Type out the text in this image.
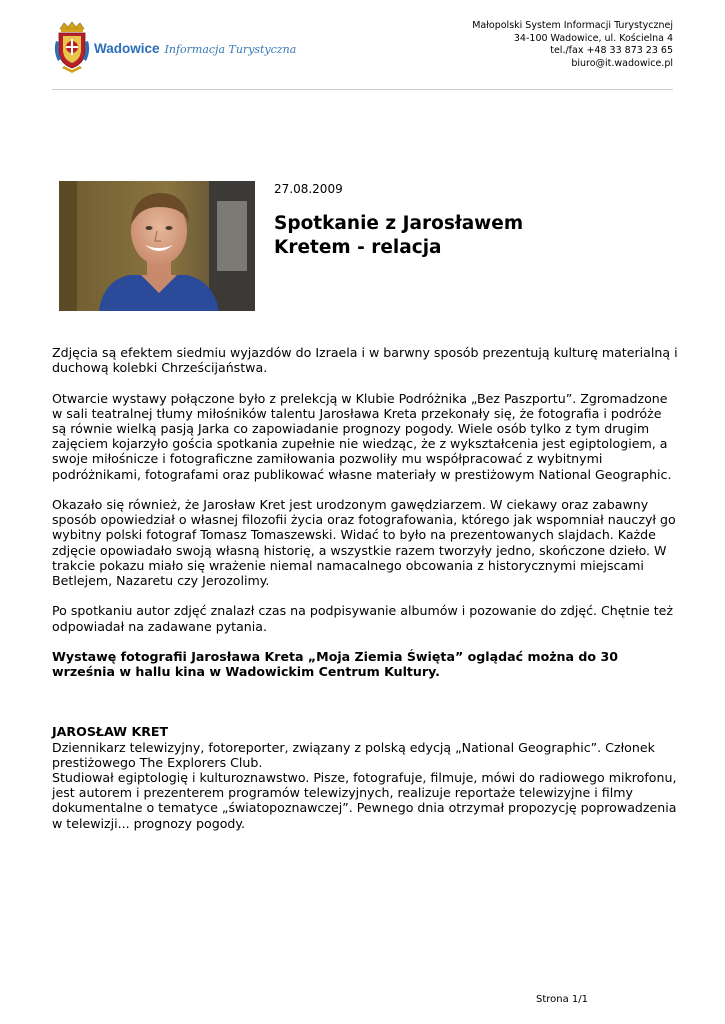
Wadowice Informacja Turystyczna
Małopolski System Informacji Turystycznej
34-100 Wadowice, ul. Kościelna 4
tel./fax +48 33 873 23 65
biuro@it.wadowice.pl
27.08.2009
Spotkanie z Jarosławem Kretem - relacja

Zdjęcia są efektem siedmiu wyjazdów do Izraela i w barwny sposób prezentują kulturę materialną i duchową kolebki Chrześcijaństwa.

Otwarcie wystawy połączone było z prelekcją w Klubie Podróżnika „Bez Paszportu”. Zgromadzone w sali teatralnej tłumy miłośników talentu Jarosława Kreta przekonały się, że fotografia i podróże są równie wielką pasją Jarka co zapowiadanie prognozy pogody. Wiele osób tylko z tym drugim zajęciem kojarzyło gościa spotkania zupełnie nie wiedząc, że z wykształcenia jest egiptologiem, a swoje miłośnicze i fotograficzne zamiłowania pozwoliły mu współpracować z wybitnymi podróżnikami, fotografami oraz publikować własne materiały w prestiżowym National Geographic.

Okazało się również, że Jarosław Kret jest urodzonym gawędziarzem. W ciekawy oraz zabawny sposób opowiedział o własnej filozofii życia oraz fotografowania, którego jak wspomniał nauczył go wybitny polski fotograf Tomasz Tomaszewski. Widać to było na prezentowanych slajdach. Każde zdjęcie opowiadało swoją własną historię, a wszystkie razem tworzyły jedno, skończone dzieło. W trakcie pokazu miało się wrażenie niemal namacalnego obcowania z historycznymi miejscami Betlejem, Nazaretu czy Jerozolimy.

Po spotkaniu autor zdjęć znalazł czas na podpisywanie albumów i pozowanie do zdjęć. Chętnie też odpowiadał na zadawane pytania.

Wystawę fotografii Jarosława Kreta „Moja Ziemia Święta” oglądać można do 30 września w hallu kina w Wadowickim Centrum Kultury.

JAROSŁAW KRET
Dziennikarz telewizyjny, fotoreporter, związany z polską edycją „National Geographic”. Członek prestiżowego The Explorers Club.
Studiował egiptologię i kulturoznawstwo. Pisze, fotografuje, filmuje, mówi do radiowego mikrofonu, jest autorem i prezenterem programów telewizyjnych, realizuje reportaże telewizyjne i filmy dokumentalne o tematyce „światopoznawczej”. Pewnego dnia otrzymał propozycję poprowadzenia w telewizji... prognozy pogody.
Strona 1/1
